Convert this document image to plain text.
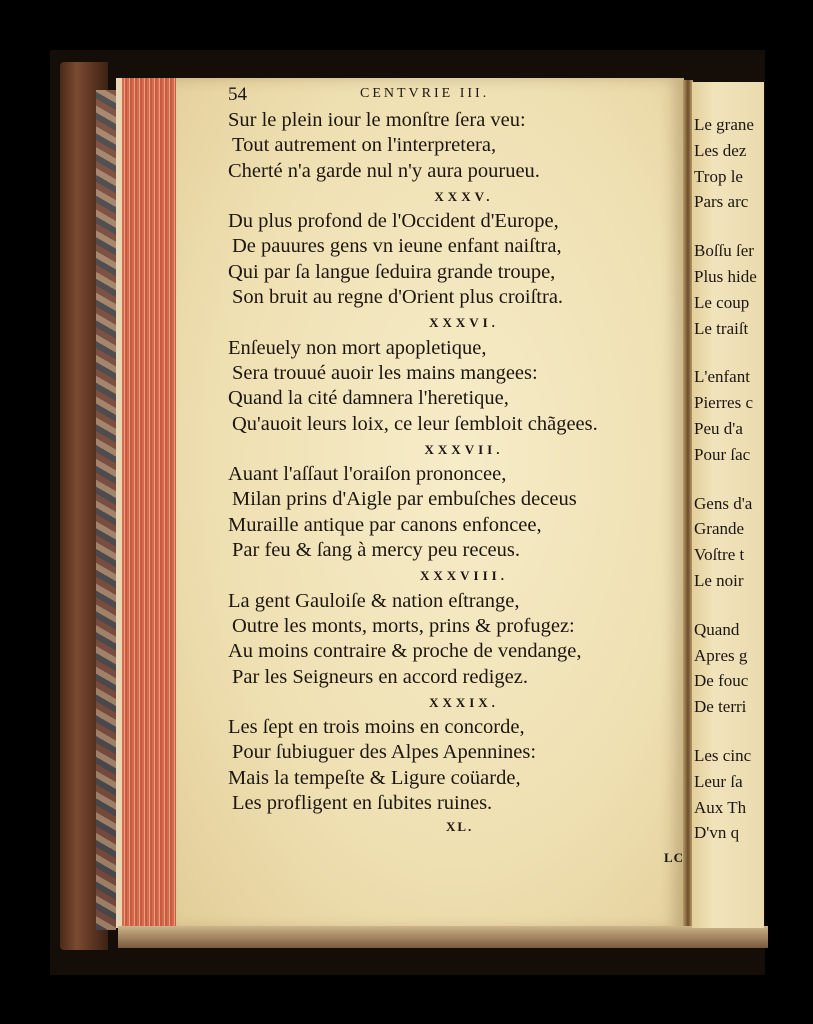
54	CENTVRIE III.
Sur le plein iour le monſtre ſera veu:
Tout autrement on l'interpretera,
Cherté n'a garde nul n'y aura pourueu.
XXXV.
Du plus profond de l'Occident d'Europe,
De pauures gens vn ieune enfant naiſtra,
Qui par ſa langue ſeduira grande troupe,
Son bruit au regne d'Orient plus croiſtra.
XXXVI.
Enſeuely non mort apopletique,
Sera trouué auoir les mains mangees:
Quand la cité damnera l'heretique,
Qu'auoit leurs loix, ce leur ſembloit chãgees.
XXXVII.
Auant l'aſſaut l'oraiſon prononcee,
Milan prins d'Aigle par embuſches deceus
Muraille antique par canons enfoncee,
Par feu & ſang à mercy peu receus.
XXXVIII.
La gent Gauloiſe & nation eſtrange,
Outre les monts, morts, prins & profugez:
Au moins contraire & proche de vendange,
Par les Seigneurs en accord redigez.
XXXIX.
Les ſept en trois moins en concorde,
Pour ſubiuguer des Alpes Apennines:
Mais la tempeſte & Ligure coüarde,
Les profligent en ſubites ruines.
XL.
Le grane
Les dez
Trop le
Pars arc
Boſſu ſer
Plus hide
Le coup
Le traiſt
L'enfant
Pierres c
Peu d'a
Pour ſac
Gens d'a
Grande
Voſtre t
Le noir
Quand
Apres g
De fouc
De terri
Les cinc
Leur ſa
Aux Th
D'vn q
LC
